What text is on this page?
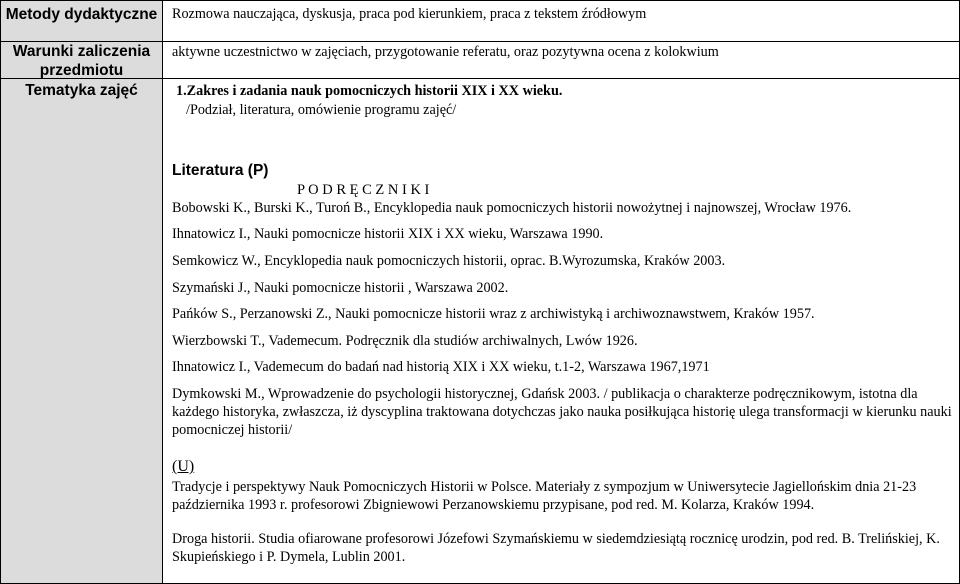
Metody dydaktyczne
Warunki zaliczenia przedmiotu
Tematyka zajęć
Rozmowa nauczająca, dyskusja, praca pod kierunkiem, praca z tekstem źródłowym
aktywne uczestnictwo w zajęciach, przygotowanie referatu, oraz pozytywna ocena z kolokwium
1.Zakres i zadania nauk pomocniczych historii XIX i XX wieku.
/Podział, literatura, omówienie programu zajęć/
Literatura (P)
P O D R Ę C Z N I K I
Bobowski K., Burski K., Turoń B., Encyklopedia nauk pomocniczych historii nowożytnej i najnowszej, Wrocław 1976.
Ihnatowicz I., Nauki pomocnicze historii XIX i XX wieku, Warszawa 1990.
Semkowicz W., Encyklopedia nauk pomocniczych historii, oprac. B.Wyrozumska, Kraków 2003.
Szymański J., Nauki pomocnicze historii , Warszawa 2002.
Pańków S., Perzanowski Z., Nauki pomocnicze historii wraz z archiwistyką i archiwoznawstwem, Kraków 1957.
Wierzbowski T., Vademecum. Podręcznik dla studiów archiwalnych, Lwów 1926.
Ihnatowicz I., Vademecum do badań nad historią XIX i XX wieku, t.1-2, Warszawa 1967,1971
Dymkowski M., Wprowadzenie do psychologii historycznej, Gdańsk 2003. / publikacja o charakterze podręcznikowym, istotna dla każdego historyka, zwłaszcza, iż dyscyplina traktowana dotychczas jako nauka posiłkująca historię ulega transformacji w kierunku nauki pomocniczej historii/
(U)
Tradycje i perspektywy Nauk Pomocniczych Historii w Polsce. Materiały z sympozjum w Uniwersytecie Jagiellońskim dnia 21-23 października 1993 r. profesorowi Zbigniewowi Perzanowskiemu przypisane, pod red. M. Kolarza, Kraków 1994.
Droga historii. Studia ofiarowane profesorowi Józefowi Szymańskiemu w siedemdziesiątą rocznicę urodzin, pod red. B. Trelińskiej, K. Skupieńskiego i P. Dymela, Lublin 2001.
